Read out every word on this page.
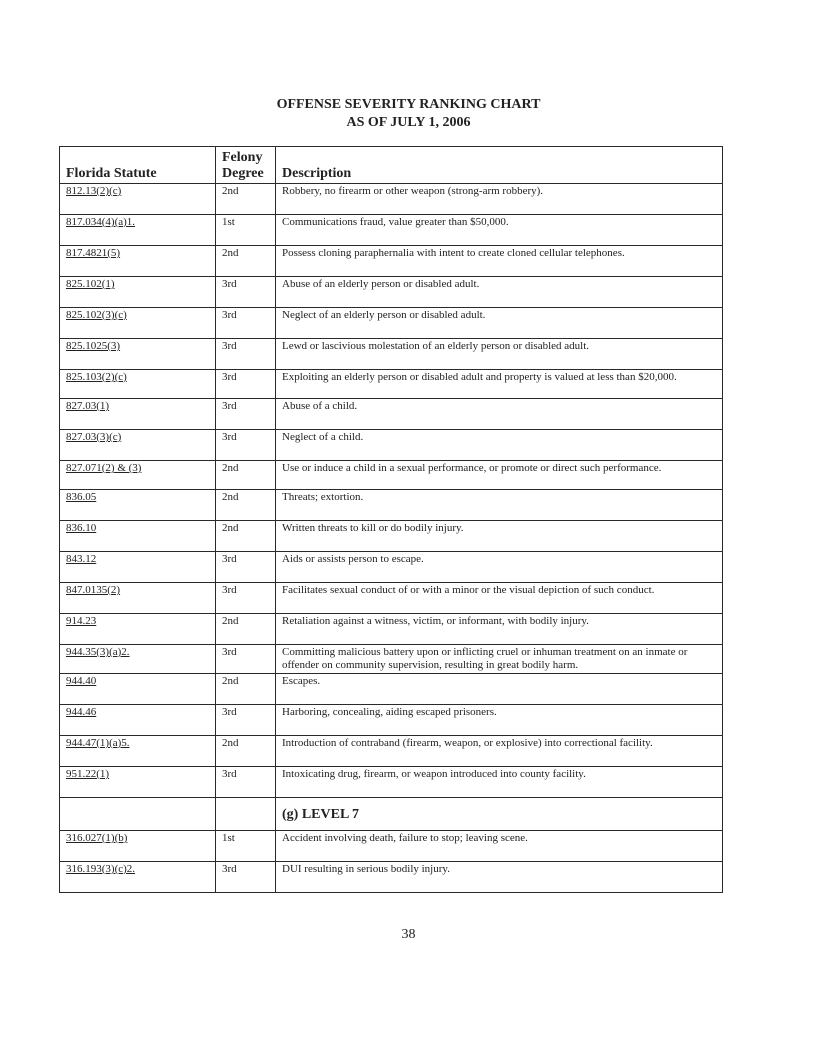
OFFENSE SEVERITY RANKING CHART
AS OF JULY 1, 2006
Florida Statute	Felony Degree	Description
812.13(2)(c)	2nd	Robbery, no firearm or other weapon (strong-arm robbery).
817.034(4)(a)1.	1st	Communications fraud, value greater than $50,000.
817.4821(5)	2nd	Possess cloning paraphernalia with intent to create cloned cellular telephones.
825.102(1)	3rd	Abuse of an elderly person or disabled adult.
825.102(3)(c)	3rd	Neglect of an elderly person or disabled adult.
825.1025(3)	3rd	Lewd or lascivious molestation of an elderly person or disabled adult.
825.103(2)(c)	3rd	Exploiting an elderly person or disabled adult and property is valued at less than $20,000.
827.03(1)	3rd	Abuse of a child.
827.03(3)(c)	3rd	Neglect of a child.
827.071(2) & (3)	2nd	Use or induce a child in a sexual performance, or promote or direct such performance.
836.05	2nd	Threats; extortion.
836.10	2nd	Written threats to kill or do bodily injury.
843.12	3rd	Aids or assists person to escape.
847.0135(2)	3rd	Facilitates sexual conduct of or with a minor or the visual depiction of such conduct.
914.23	2nd	Retaliation against a witness, victim, or informant, with bodily injury.
944.35(3)(a)2.	3rd	Committing malicious battery upon or inflicting cruel or inhuman treatment on an inmate or offender on community supervision, resulting in great bodily harm.
944.40	2nd	Escapes.
944.46	3rd	Harboring, concealing, aiding escaped prisoners.
944.47(1)(a)5.	2nd	Introduction of contraband (firearm, weapon, or explosive) into correctional facility.
951.22(1)	3rd	Intoxicating drug, firearm, or weapon introduced into county facility.
		(g) LEVEL 7
316.027(1)(b)	1st	Accident involving death, failure to stop; leaving scene.
316.193(3)(c)2.	3rd	DUI resulting in serious bodily injury.
38
